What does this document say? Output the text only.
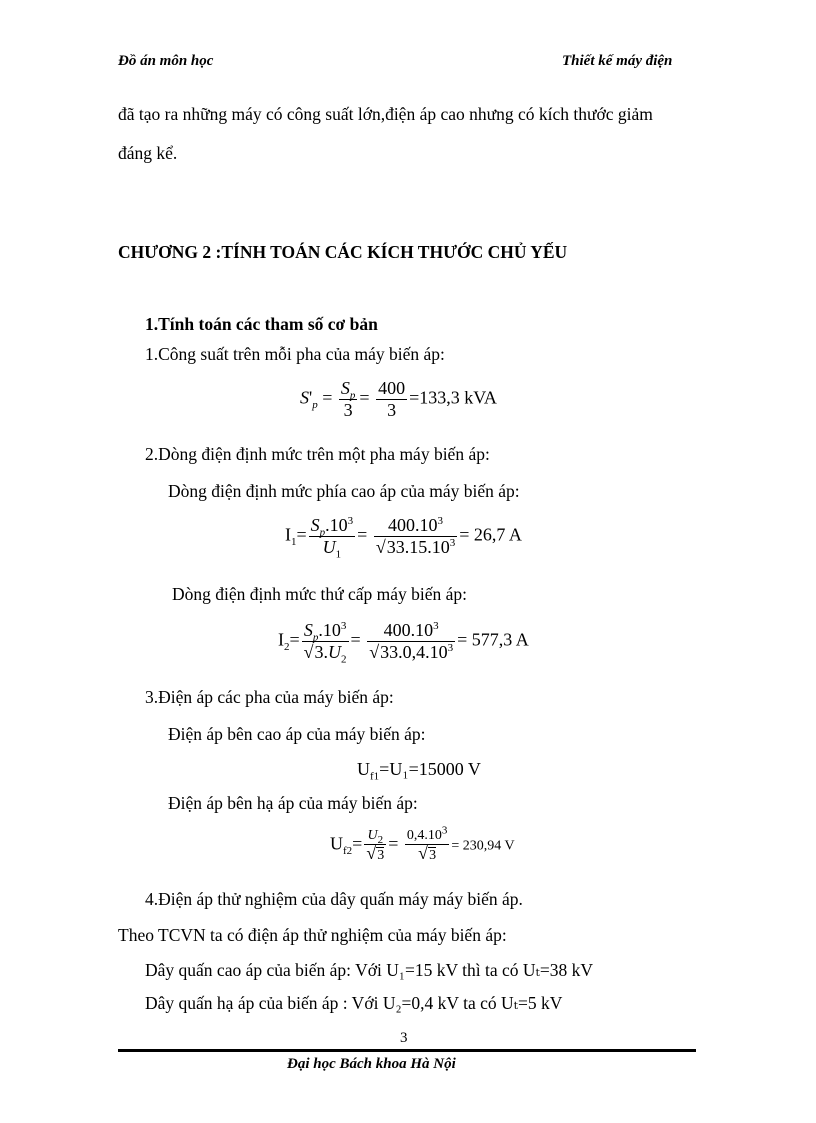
Đồ án môn học	Thiết kế máy điện
đã tạo ra những máy có công suất lớn,điện áp cao nhưng có kích thước giảm
đáng kể.
CHƯƠNG 2 :TÍNH TOÁN CÁC KÍCH THƯỚC CHỦ YẾU
1.Tính toán các tham số cơ bản
1.Công suất trên mỗi pha của máy biến áp:
$S'_p = \frac{S_p}{3} = \frac{400}{3} =133,3$ kVA
2.Dòng điện định mức trên một pha máy biến áp:
Dòng điện định mức phía cao áp của máy biến áp:
$I_1= \frac{S_p.10^3}{U_1} = \frac{400.10^3}{√33.15.10^3} = 26,7$ A
Dòng điện định mức thứ cấp máy biến áp:
$I_2= \frac{S_p.10^3}{√3.U_2} = \frac{400.10^3}{√33.0,4.10^3} = 577,3$ A
3.Điện áp các pha của máy biến áp:
Điện áp bên cao áp của máy biến áp:
$U_{f1}=U_1=15000$ V
Điện áp bên hạ áp của máy biến áp:
$U_{f2}= \frac{U_2}{√3} = \frac{0,4.10^3}{√3} = 230,94$ V
4.Điện áp thử nghiệm của dây quấn máy máy biến áp.
Theo TCVN ta có điện áp thử nghiệm của máy biến áp:
Dây quấn cao áp của biến áp: Với U₁=15 kV thì ta có Uₜ=38 kV
Dây quấn hạ áp của biến áp : Với U₂=0,4 kV ta có Uₜ=5 kV
3
Đại học Bách khoa Hà Nội
